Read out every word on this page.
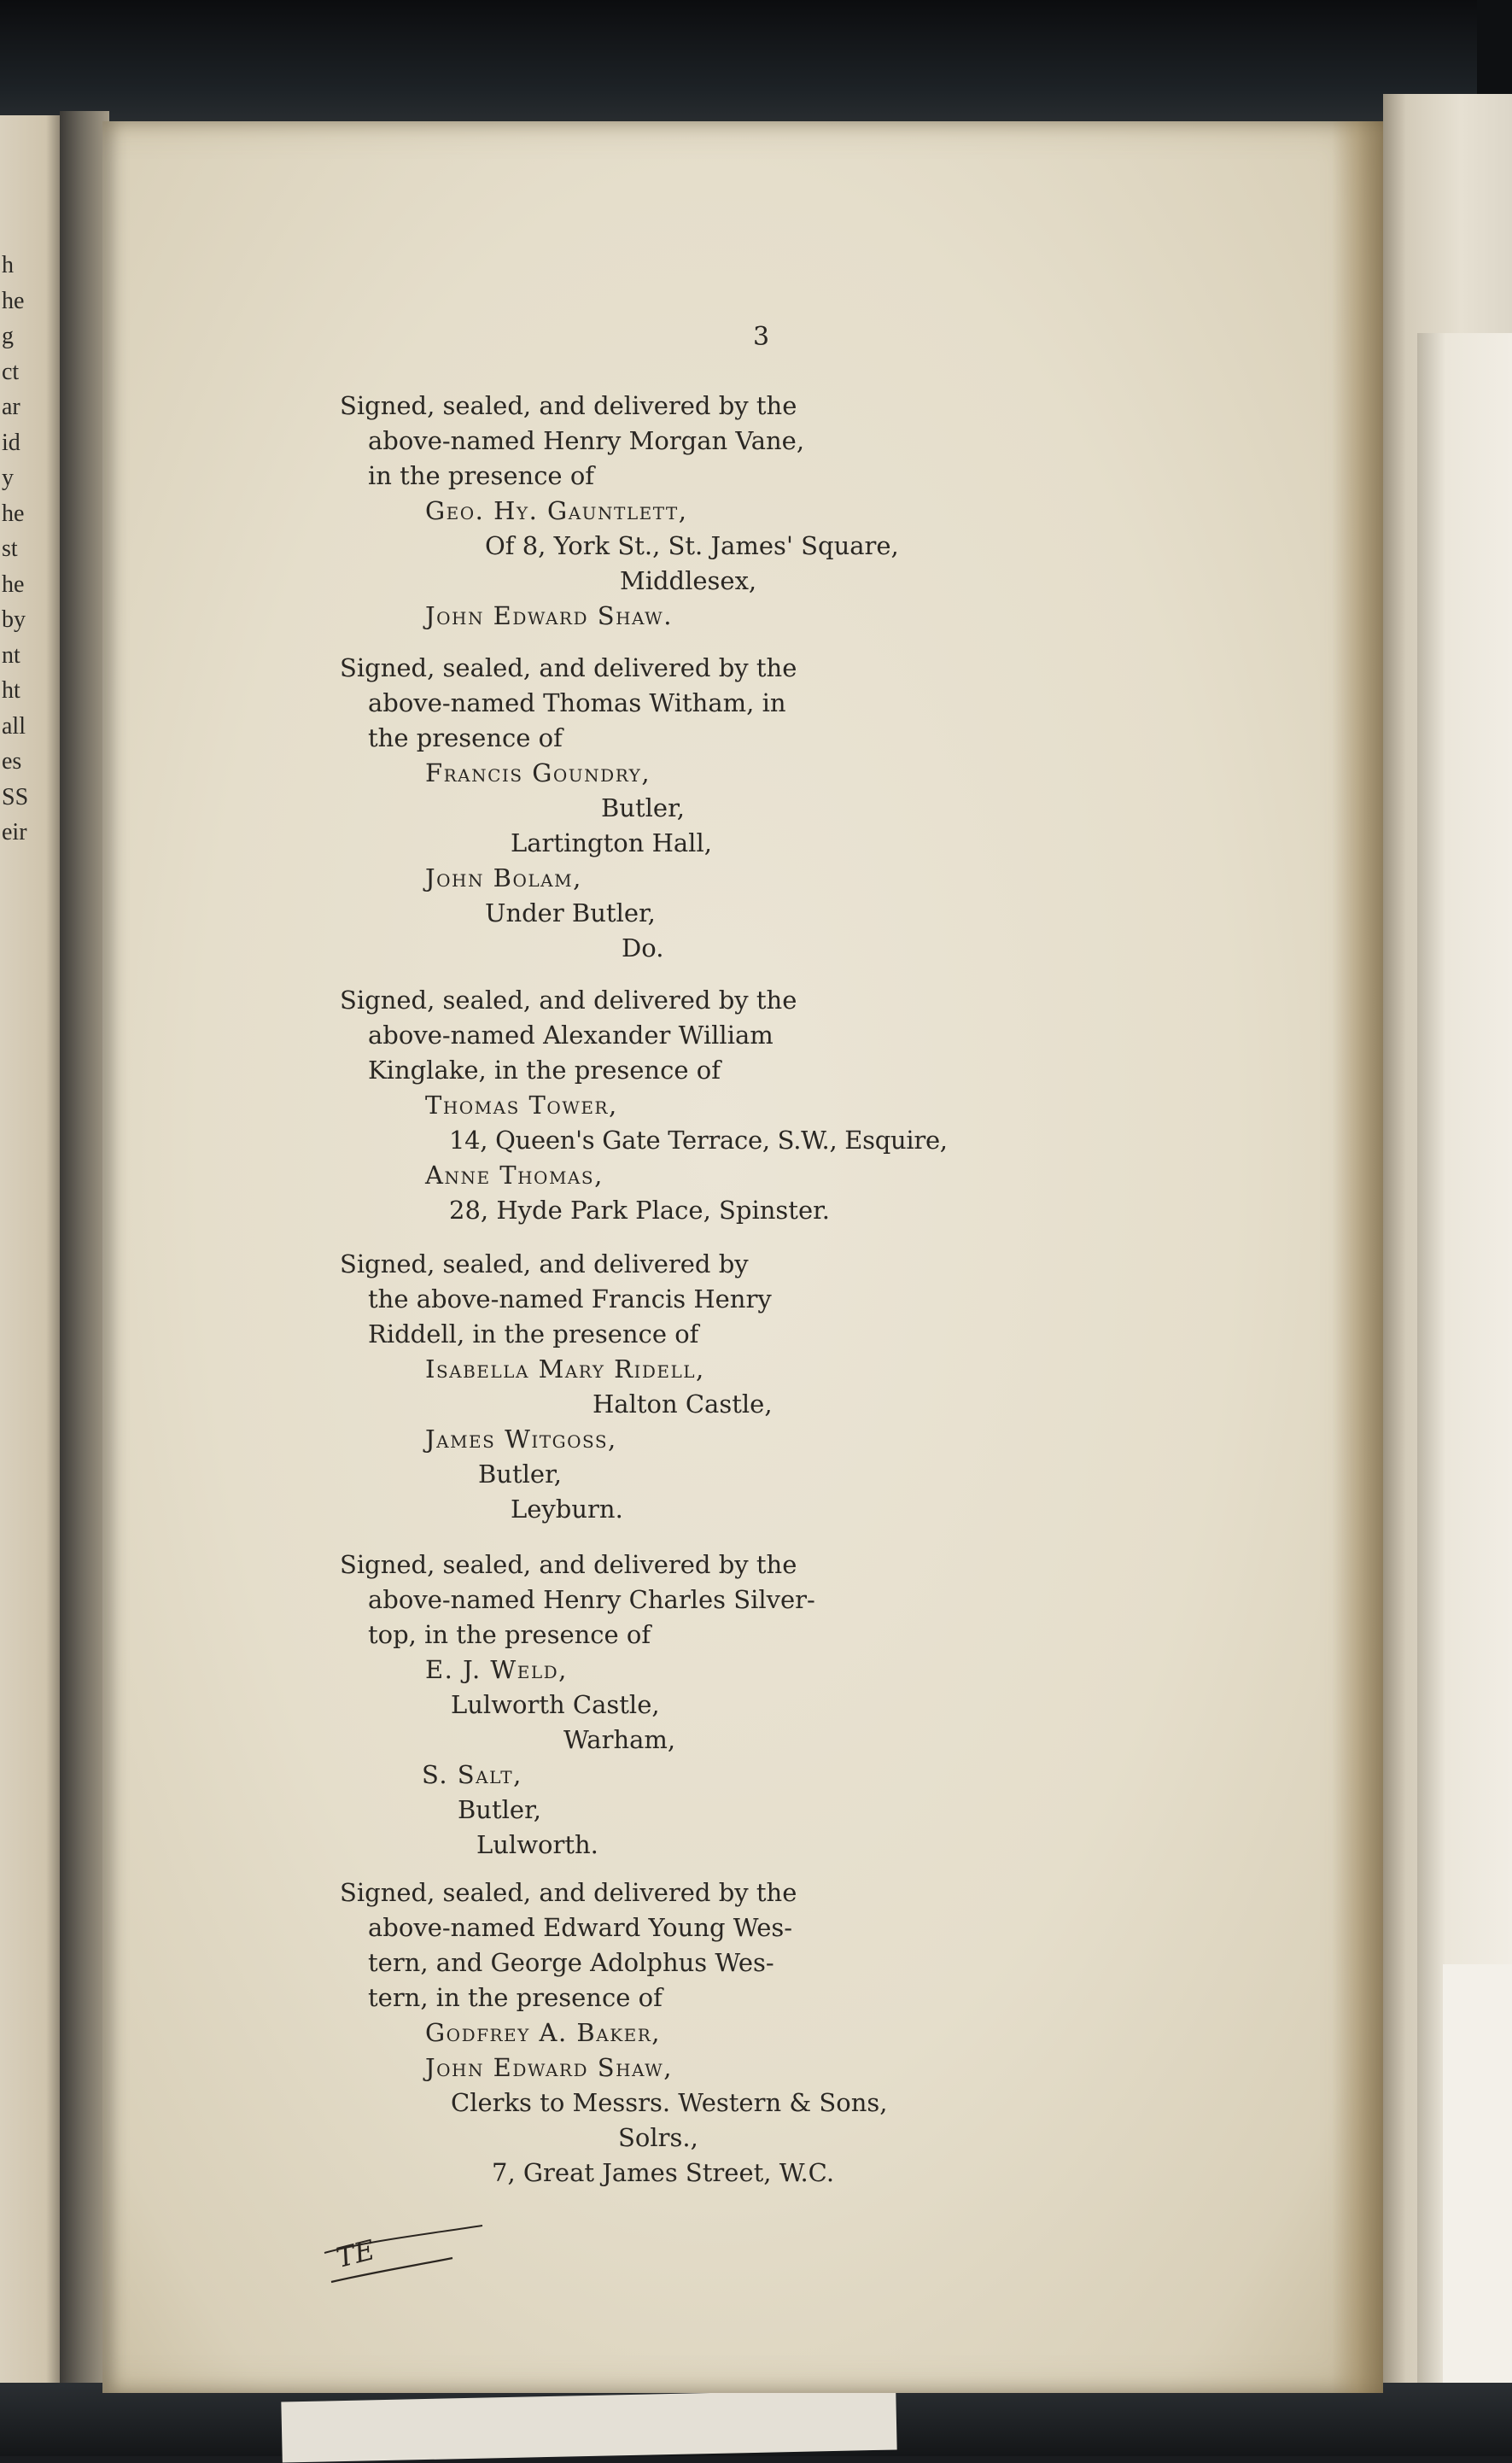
h
he
g
ct
ar
id
y
he
st
he
by
nt
ht
all
es
SS
eir
3
Signed, sealed, and delivered by the
above-named Henry Morgan Vane,
in the presence of
Geo. Hy. Gauntlett,
Of 8, York St., St. James' Square,
Middlesex,
John Edward Shaw.
Signed, sealed, and delivered by the
above-named Thomas Witham, in
the presence of
Francis Goundry,
Butler,
Lartington Hall,
John Bolam,
Under Butler,
Do.
Signed, sealed, and delivered by the
above-named Alexander William
Kinglake, in the presence of
Thomas Tower,
14, Queen's Gate Terrace, S.W., Esquire,
Anne Thomas,
28, Hyde Park Place, Spinster.
Signed, sealed, and delivered by
the above-named Francis Henry
Riddell, in the presence of
Isabella Mary Ridell,
Halton Castle,
James Witgoss,
Butler,
Leyburn.
Signed, sealed, and delivered by the
above-named Henry Charles Silver-
top, in the presence of
E. J. Weld,
Lulworth Castle,
Warham,
S. Salt,
Butler,
Lulworth.
Signed, sealed, and delivered by the
above-named Edward Young Wes-
tern, and George Adolphus Wes-
tern, in the presence of
Godfrey A. Baker,
John Edward Shaw,
Clerks to Messrs. Western & Sons,
Solrs.,
7, Great James Street, W.C.
TE
